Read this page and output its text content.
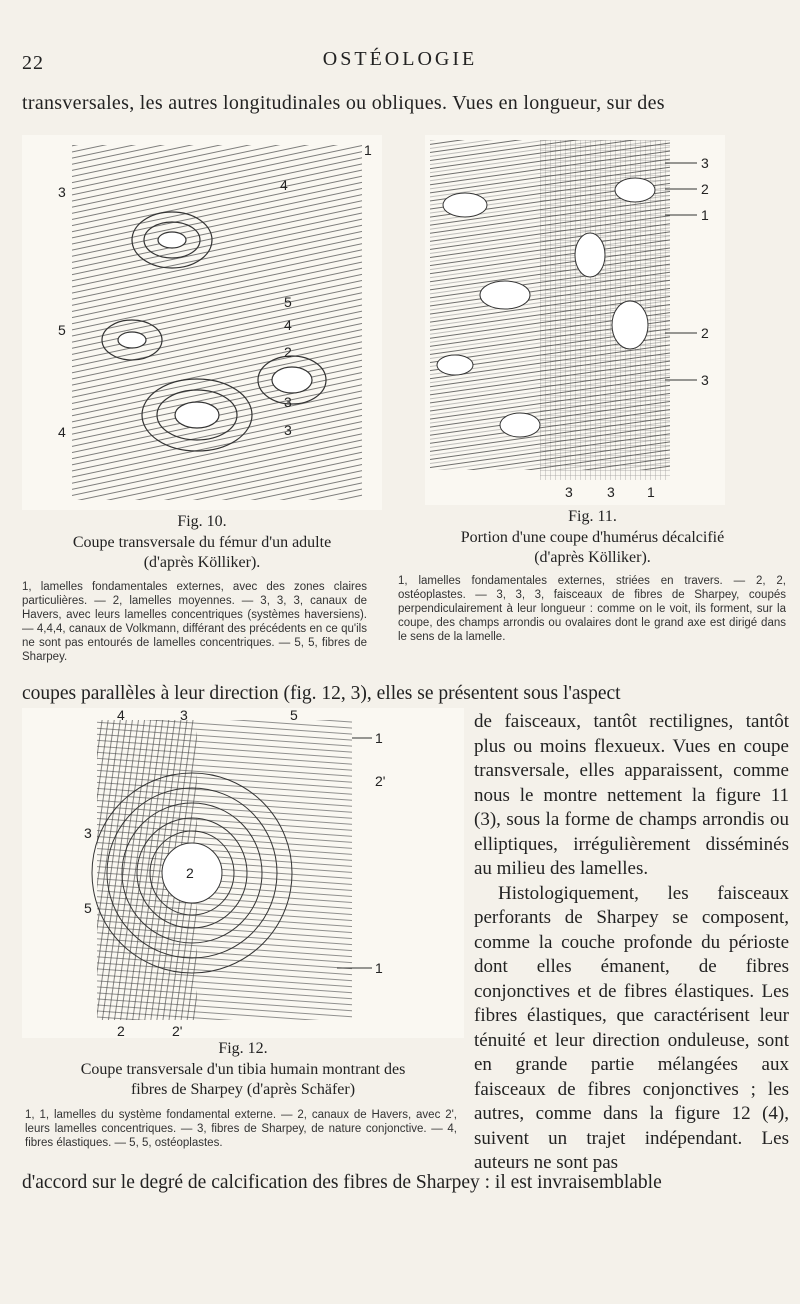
22	OSTÉOLOGIE
transversales, les autres longitudinales ou obliques. Vues en longueur, sur des
1
4
3
5	4
2
5
3
4	3
Fig. 10.
Coupe transversale du fémur d'un adulte
(d'après Kölliker).
1, lamelles fondamentales externes, avec des zones claires particulières. — 2, lamelles moyennes. — 3, 3, 3, canaux de Havers, avec leurs lamelles concentriques (systèmes haversiens). — 4,4,4, canaux de Volkmann, différant des précédents en ce qu'ils ne sont pas entourés de lamelles concentriques. — 5, 5, fibres de Sharpey.
3
2
1
2
3
3 3 1
Fig. 11.
Portion d'une coupe d'humérus décalcifié
(d'après Kölliker).
1, lamelles fondamentales externes, striées en travers. — 2, 2, ostéoplastes. — 3, 3, 3, faisceaux de fibres de Sharpey, coupés perpendiculairement à leur longueur : comme on le voit, ils forment, sur la coupe, des champs arrondis ou ovalaires dont le grand axe est dirigé dans le sens de la lamelle.
coupes parallèles à leur direction (fig. 12, 3), elles se présentent sous l'aspect
4	3	5
1
2'
3
2
5
1
2	2'
Fig. 12.
Coupe transversale d'un tibia humain montrant des
fibres de Sharpey (d'après Schäfer)
1, 1, lamelles du système fondamental externe. — 2, canaux de Havers, avec 2', leurs lamelles concentriques. — 3, fibres de Sharpey, de nature conjonctive. — 4, fibres élastiques. — 5, 5, ostéoplastes.
de faisceaux, tantôt rectilignes, tantôt plus ou moins flexueux. Vues en coupe transversale, elles apparaissent, comme nous le montre nettement la figure 11 (3), sous la forme de champs arrondis ou elliptiques, irrégulièrement disséminés au milieu des lamelles.
Histologiquement, les faisceaux perforants de Sharpey se composent, comme la couche profonde du périoste dont elles émanent, de fibres conjonctives et de fibres élastiques. Les fibres élastiques, que caractérisent leur ténuité et leur direction onduleuse, sont en grande partie mélangées aux faisceaux de fibres conjonctives ; les autres, comme dans la figure 12 (4), suivent un trajet indépendant. Les auteurs ne sont pas
d'accord sur le degré de calcification des fibres de Sharpey : il est invraisemblable
